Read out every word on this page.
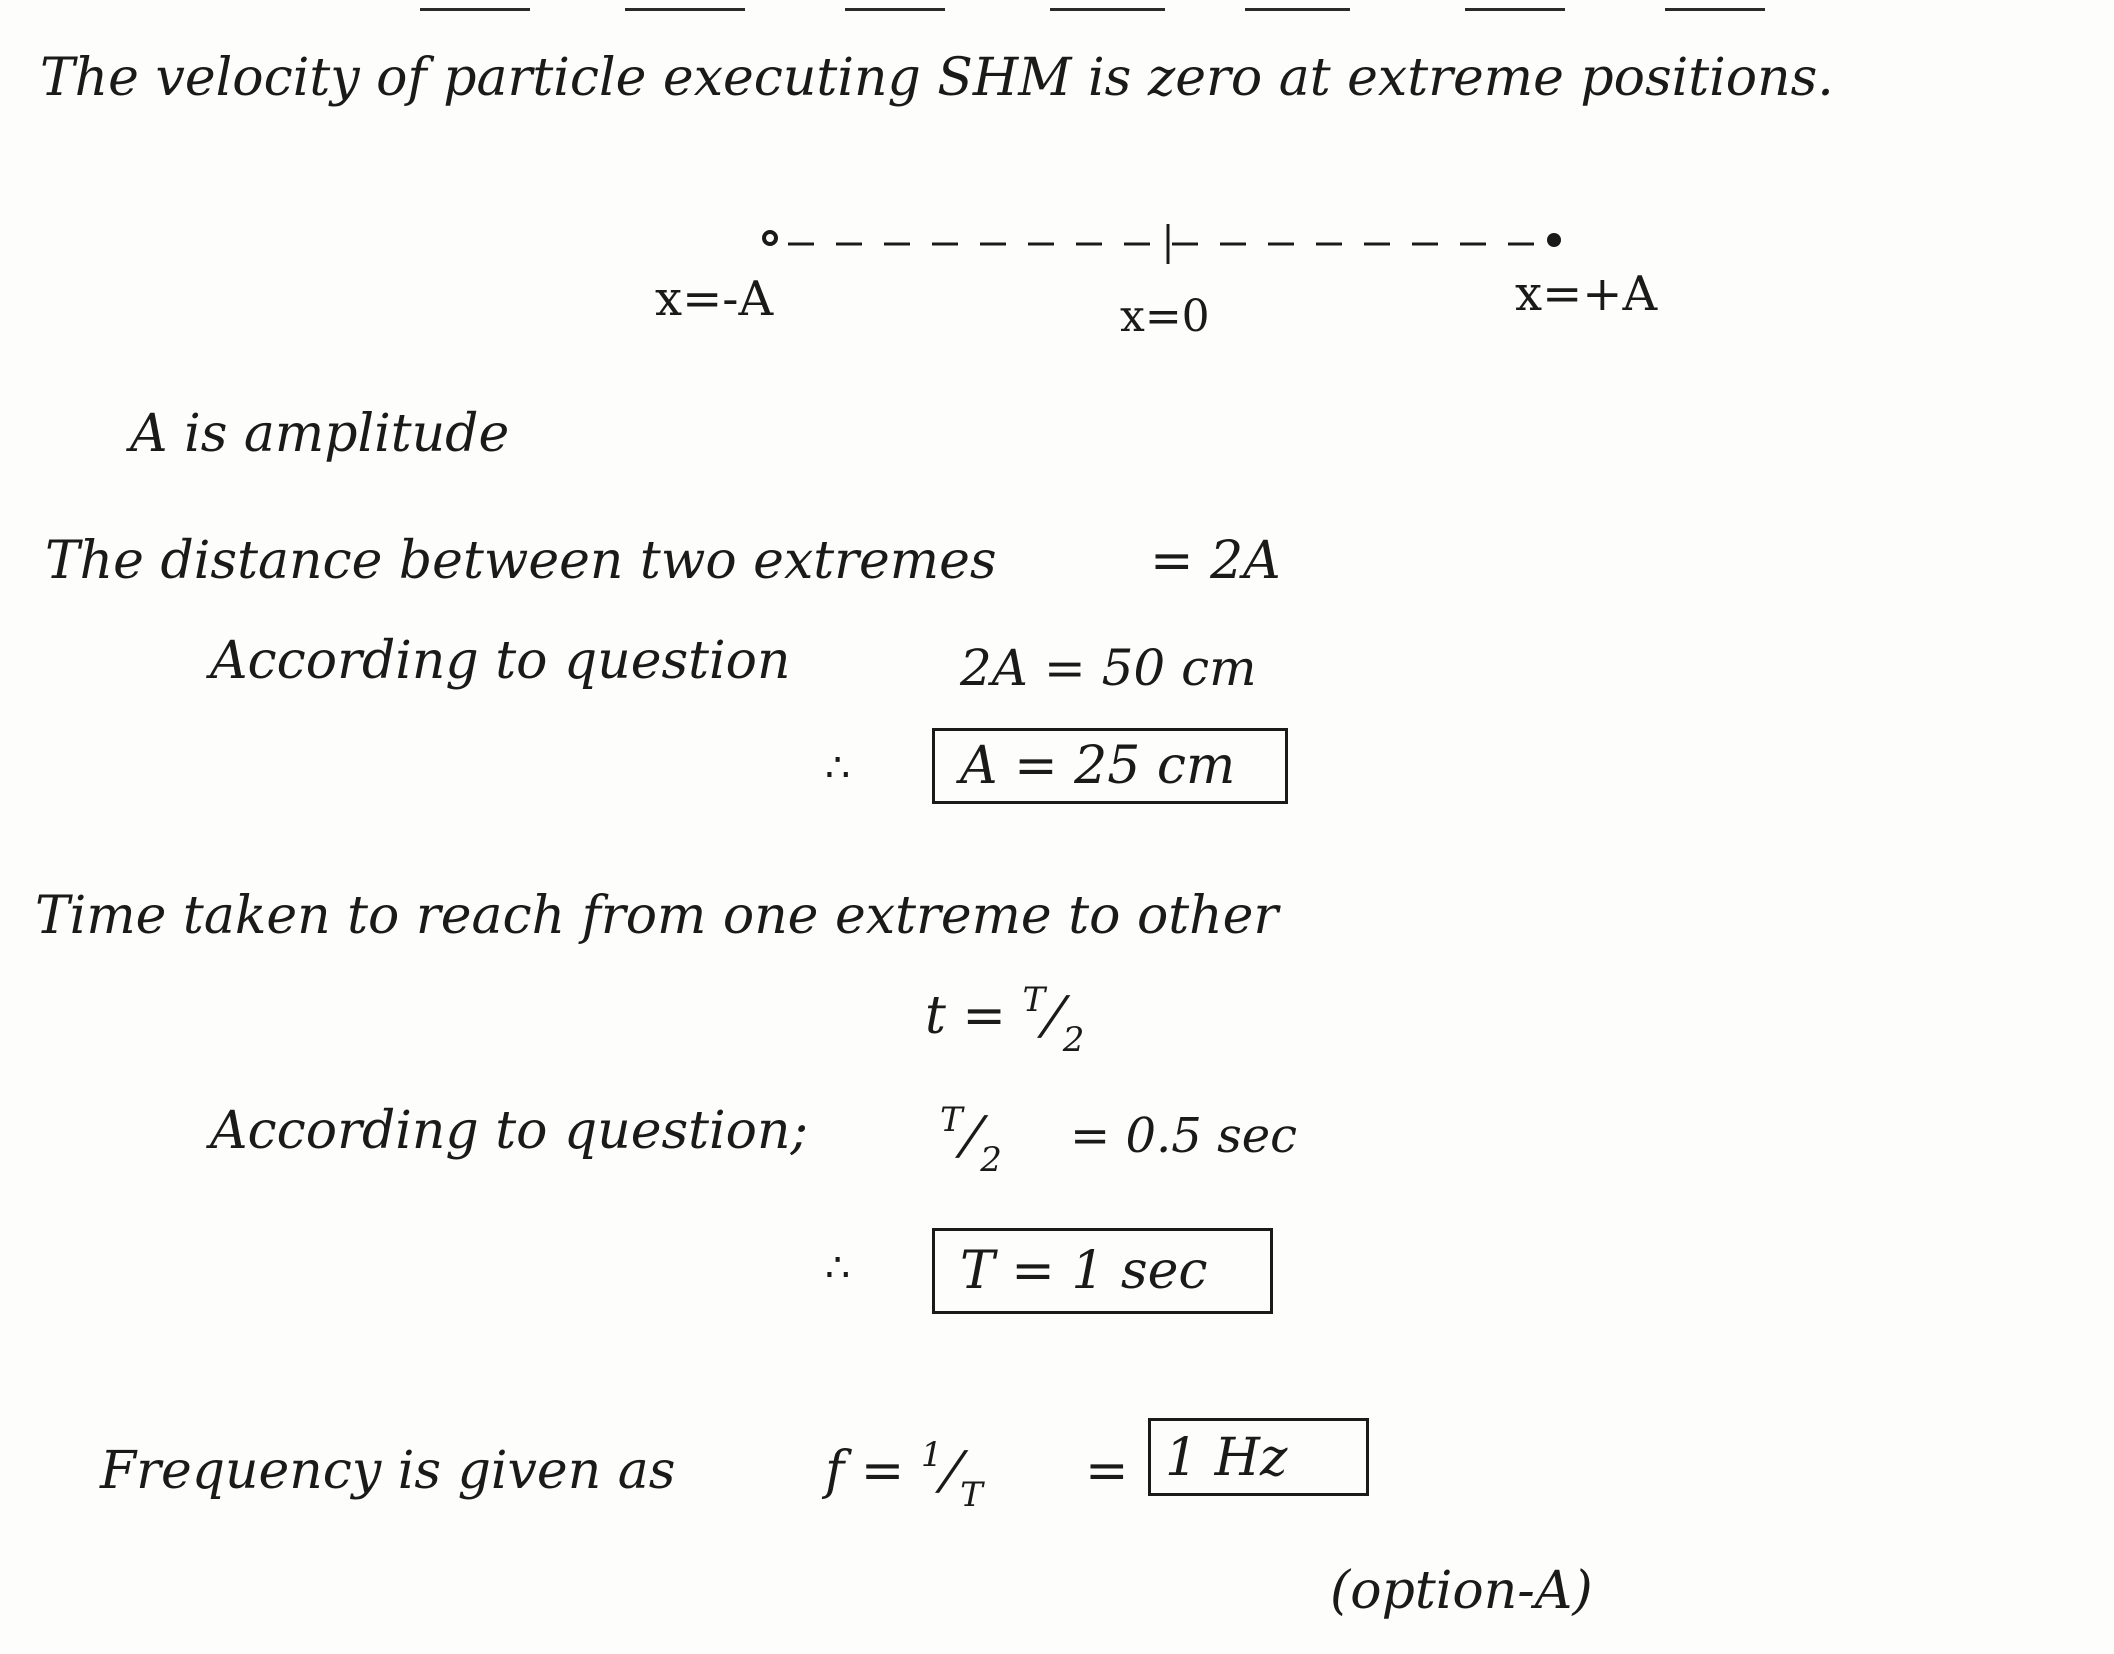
The velocity of particle executing SHM is zero at extreme positions.
x=-A	x=0	x=+A
A is amplitude
The distance between two extremes	= 2A
According to question	2A = 50 cm
∴ A = 25 cm
Time taken to reach from one extreme to other
$t = ^T/_2$
According to question;	$^T/_2 = 0.5$ sec
∴ T = 1 sec
Frequency is given as	$f = ^1/_T = 1$ Hz
(option-A)
